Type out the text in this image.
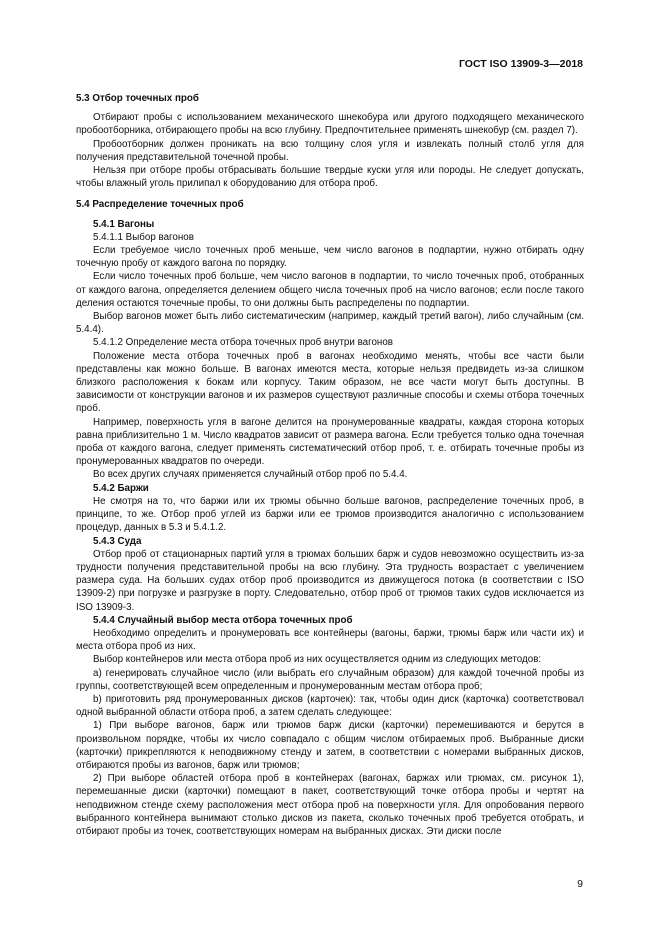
ГОСТ ISO 13909-3—2018

5.3 Отбор точечных проб

Отбирают пробы с использованием механического шнекобура или другого подходящего механического пробоотборника, отбирающего пробы на всю глубину. Предпочтительнее применять шнекобур (см. раздел 7).

Пробоотборник должен проникать на всю толщину слоя угля и извлекать полный столб угля для получения представительной точечной пробы.

Нельзя при отборе пробы отбрасывать большие твердые куски угля или породы. Не следует допускать, чтобы влажный уголь прилипал к оборудованию для отбора проб.

5.4 Распределение точечных проб

5.4.1 Вагоны

5.4.1.1 Выбор вагонов

Если требуемое число точечных проб меньше, чем число вагонов в подпартии, нужно отбирать одну точечную пробу от каждого вагона по порядку.

Если число точечных проб больше, чем число вагонов в подпартии, то число точечных проб, отобранных от каждого вагона, определяется делением общего числа точечных проб на число вагонов; если после такого деления остаются точечные пробы, то они должны быть распределены по подпартии.

Выбор вагонов может быть либо систематическим (например, каждый третий вагон), либо случайным (см. 5.4.4).

5.4.1.2 Определение места отбора точечных проб внутри вагонов

Положение места отбора точечных проб в вагонах необходимо менять, чтобы все части были представлены как можно больше. В вагонах имеются места, которые нельзя предвидеть из-за слишком близкого расположения к бокам или корпусу. Таким образом, не все части могут быть доступны. В зависимости от конструкции вагонов и их размеров существуют различные способы и схемы отбора точечных проб.

Например, поверхность угля в вагоне делится на пронумерованные квадраты, каждая сторона которых равна приблизительно 1 м. Число квадратов зависит от размера вагона. Если требуется только одна точечная проба от каждого вагона, следует применять систематический отбор проб, т. е. отбирать точечные пробы из пронумерованных квадратов по очереди.

Во всех других случаях применяется случайный отбор проб по 5.4.4.

5.4.2 Баржи

Не смотря на то, что баржи или их трюмы обычно больше вагонов, распределение точечных проб, в принципе, то же. Отбор проб углей из баржи или ее трюмов производится аналогично с использованием процедур, данных в 5.3 и 5.4.1.2.

5.4.3 Суда

Отбор проб от стационарных партий угля в трюмах больших барж и судов невозможно осуществить из-за трудности получения представительной пробы на всю глубину. Эта трудность возрастает с увеличением размера суда. На больших судах отбор проб производится из движущегося потока (в соответствии с ISO 13909-2) при погрузке и разгрузке в порту. Следовательно, отбор проб от трюмов таких судов исключается из ISO 13909-3.

5.4.4 Случайный выбор места отбора точечных проб

Необходимо определить и пронумеровать все контейнеры (вагоны, баржи, трюмы барж или части их) и места отбора проб из них.

Выбор контейнеров или места отбора проб из них осуществляется одним из следующих методов:

а) генерировать случайное число (или выбрать его случайным образом) для каждой точечной пробы из группы, соответствующей всем определенным и пронумерованным местам отбора проб;

b) приготовить ряд пронумерованных дисков (карточек): так, чтобы один диск (карточка) соответствовал одной выбранной области отбора проб, а затем сделать следующее:

1) При выборе вагонов, барж или трюмов барж диски (карточки) перемешиваются и берутся в произвольном порядке, чтобы их число совпадало с общим числом отбираемых проб. Выбранные диски (карточки) прикрепляются к неподвижному стенду и затем, в соответствии с номерами выбранных дисков, отбираются пробы из вагонов, барж или трюмов;

2) При выборе областей отбора проб в контейнерах (вагонах, баржах или трюмах, см. рисунок 1), перемешанные диски (карточки) помещают в пакет, соответствующий точке отбора пробы и чертят на неподвижном стенде схему расположения мест отбора проб на поверхности угля. Для опробования первого выбранного контейнера вынимают столько дисков из пакета, сколько точечных проб требуется отобрать, и отбирают пробы из точек, соответствующих номерам на выбранных дисках. Эти диски после

9
